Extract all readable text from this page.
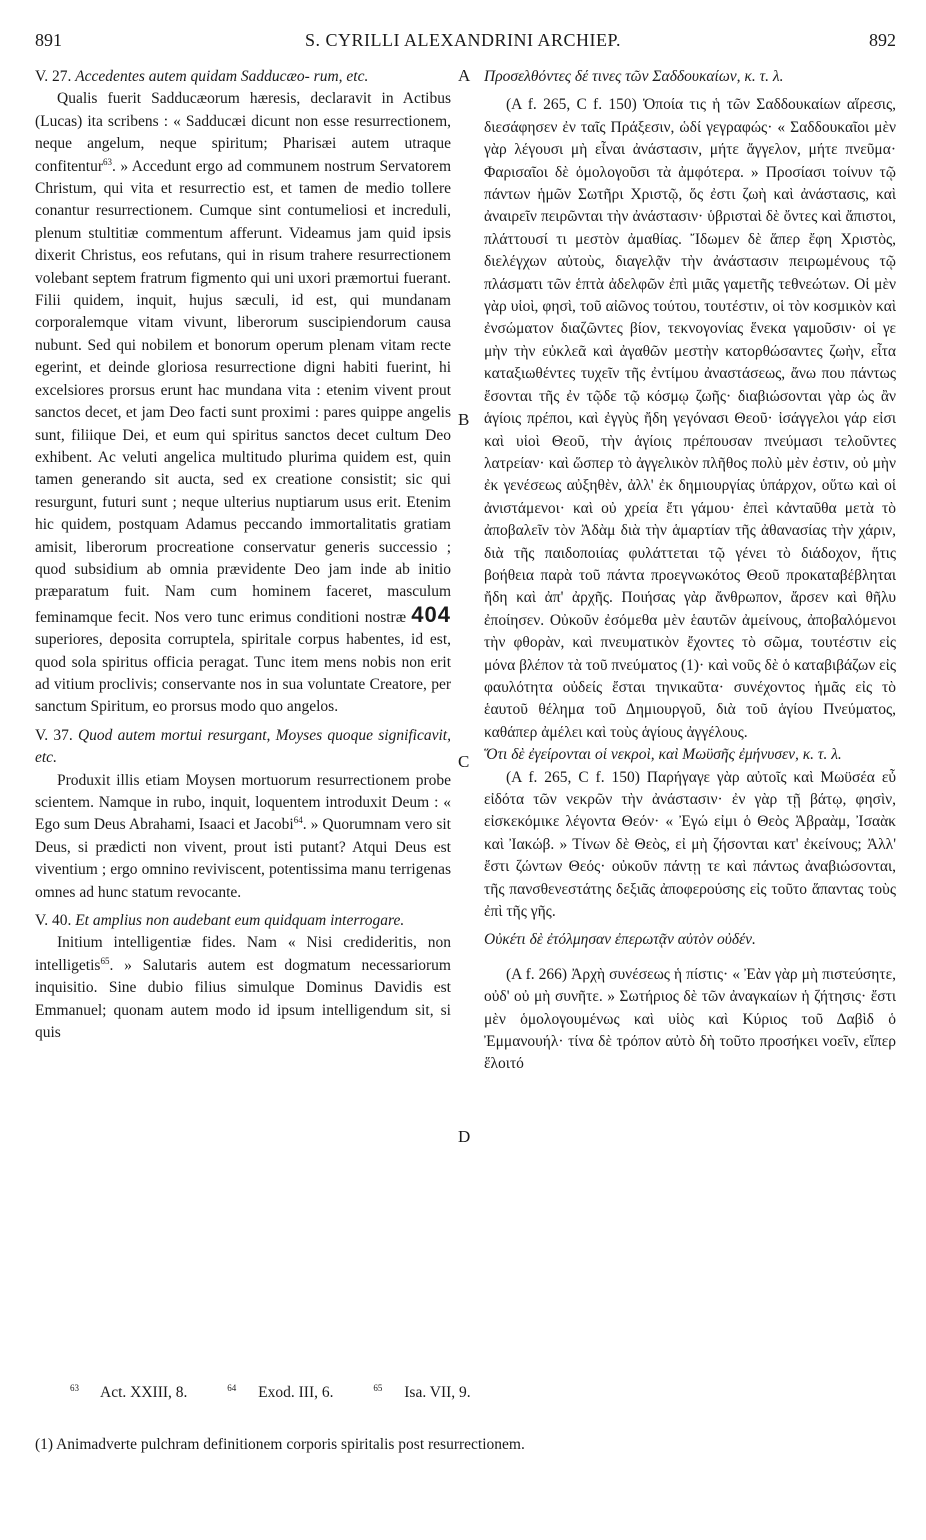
891	S. CYRILLI ALEXANDRINI ARCHIEP.	892
A
B
C
D

V. 27. Accedentes autem quidam Sadducæo- rum, etc.

Qualis fuerit Sadducæorum hæresis, declaravit in Actibus (Lucas) ita scribens : « Sadducæi dicunt non esse resurrectionem, neque angelum, neque spiritum; Pharisæi autem utraque confitentur$^{63}$. » Accedunt ergo ad communem nostrum Servatorem Christum, qui vita et resurrectio est, et tamen de medio tollere conantur resurrectionem. Cumque sint contumeliosi et increduli, plenum stultitiæ commentum afferunt. Videamus jam quid ipsis dixerit Christus, eos refutans, qui in risum trahere resurrectionem volebant septem fratrum figmento qui uni uxori præmortui fuerant. Filii quidem, inquit, hujus sæculi, id est, qui mundanam corporalemque vitam vivunt, liberorum suscipiendorum causa nubunt. Sed qui nobilem et bonorum operum plenam vitam recte egerint, et deinde gloriosa resurrectione digni habiti fuerint, hi excelsiores prorsus erunt hac mundana vita : etenim vivent prout sanctos decet, et jam Deo facti sunt proximi : pares quippe angelis sunt, filiique Dei, et eum qui spiritus sanctos decet cultum Deo exhibent. Ac veluti angelica multitudo plurima quidem est, quin tamen generando sit aucta, sed ex creatione consistit; sic qui resurgunt, futuri sunt ; neque ulterius nuptiarum usus erit. Etenim hic quidem, postquam Adamus peccando immortalitatis gratiam amisit, liberorum procreatione conservatur generis successio ; quod subsidium ab omnia prævidente Deo jam inde ab initio præparatum fuit. Nam cum hominem faceret, masculum feminamque fecit. Nos vero tunc erimus conditioni nostræ 404 superiores, deposita corruptela, spiritale corpus habentes, id est, quod sola spiritus officia peragat. Tunc item mens nobis non erit ad vitium proclivis; conservante nos in sua voluntate Creatore, per sanctum Spiritum, eo prorsus modo quo angelos.

V. 37. Quod autem mortui resurgant, Moyses quoque significavit, etc.

Produxit illis etiam Moysen mortuorum resurrectionem probe scientem. Namque in rubo, inquit, loquentem introduxit Deum : « Ego sum Deus Abrahami, Isaaci et Jacobi$^{64}$. » Quorumnam vero sit Deus, si prædicti non vivent, prout isti putant? Atqui Deus est viventium ; ergo omnino reviviscent, potentissima manu terrigenas omnes ad hunc statum revocante.

V. 40. Et amplius non audebant eum quidquam interrogare.

Initium intelligentiæ fides. Nam « Nisi credideritis, non intelligetis$^{65}$. » Salutaris autem est dogmatum necessariorum inquisitio. Sine dubio filius simulque Dominus Davidis est Emmanuel; quonam autem modo id ipsum intelligendum sit, si quis

Προσελθόντες δέ τινες τῶν Σαδδουκαίων, κ. τ. λ.

(A f. 265, C f. 150) Ὁποία τις ἡ τῶν Σαδδουκαίων αἵρεσις, διεσάφησεν ἐν ταῖς Πράξεσιν, ὡδί γεγραφώς· « Σαδδουκαῖοι μὲν γὰρ λέγουσι μὴ εἶναι ἀνάστασιν, μήτε ἄγγελον, μήτε πνεῦμα· Φαρισαῖοι δὲ ὁμολογοῦσι τὰ ἀμφότερα. » Προσίασι τοίνυν τῷ πάντων ἡμῶν Σωτῆρι Χριστῷ, ὅς ἐστι ζωὴ καὶ ἀνάστασις, καὶ ἀναιρεῖν πειρῶνται τὴν ἀνάστασιν· ὑβρισταὶ δὲ ὄντες καὶ ἄπιστοι, πλάττουσί τι μεστὸν ἀμαθίας. Ἴδωμεν δὲ ἅπερ ἔφη Χριστὸς, διελέγχων αὐτοὺς, διαγελᾷν τὴν ἀνάστασιν πειρωμένους τῷ πλάσματι τῶν ἑπτὰ ἀδελφῶν ἐπὶ μιᾶς γαμετῆς τεθνεώτων. Οἱ μὲν γὰρ υἱοὶ, φησὶ, τοῦ αἰῶνος τούτου, τουτέστιν, οἱ τὸν κοσμικὸν καὶ ἐνσώματον διαζῶντες βίον, τεκνογονίας ἕνεκα γαμοῦσιν· οἱ γε μὴν τὴν εὐκλεᾶ καὶ ἀγαθῶν μεστὴν κατορθώσαντες ζωὴν, εἶτα καταξιωθέντες τυχεῖν τῆς ἐντίμου ἀναστάσεως, ἄνω που πάντως ἔσονται τῆς ἐν τῷδε τῷ κόσμῳ ζωῆς· διαβιώσονται γὰρ ὡς ἂν ἁγίοις πρέποι, καὶ ἐγγὺς ἤδη γεγόνασι Θεοῦ· ἰσάγγελοι γάρ εἰσι καὶ υἱοὶ Θεοῦ, τὴν ἁγίοις πρέπουσαν πνεύμασι τελοῦντες λατρείαν· καὶ ὥσπερ τὸ ἀγγελικὸν πλῆθος πολὺ μὲν ἐστιν, οὐ μὴν ἐκ γενέσεως αὐξηθὲν, ἀλλ' ἐκ δημιουργίας ὑπάρχον, οὕτω καὶ οἱ ἀνιστάμενοι· καὶ οὐ χρεία ἔτι γάμου· ἐπεὶ κἀνταῦθα μετὰ τὸ ἀποβαλεῖν τὸν Ἀδὰμ διὰ τὴν ἁμαρτίαν τῆς ἀθανασίας τὴν χάριν, διὰ τῆς παιδοποιίας φυλάττεται τῷ γένει τὸ διάδοχον, ἥτις βοήθεια παρὰ τοῦ πάντα προεγνωκότος Θεοῦ προκαταβέβληται ἤδη καὶ ἀπ' ἀρχῆς. Ποιήσας γὰρ ἄνθρωπον, ἄρσεν καὶ θῆλυ ἐποίησεν. Οὐκοῦν ἐσόμεθα μὲν ἑαυτῶν ἀμείνους, ἀποβαλόμενοι τὴν φθορὰν, καὶ πνευματικὸν ἔχοντες τὸ σῶμα, τουτέστιν εἰς μόνα βλέπον τὰ τοῦ πνεύματος (1)· καὶ νοῦς δὲ ὁ καταβιβάζων εἰς φαυλότητα οὐδείς ἔσται τηνικαῦτα· συνέχοντος ἡμᾶς εἰς τὸ ἑαυτοῦ θέλημα τοῦ Δημιουργοῦ, διὰ τοῦ ἁγίου Πνεύματος, καθάπερ ἀμέλει καὶ τοὺς ἁγίους ἀγγέλους.

Ὅτι δὲ ἐγείρονται οἱ νεκροὶ, καὶ Μωϋσῆς ἐμήνυσεν, κ. τ. λ.

(A f. 265, C f. 150) Παρήγαγε γὰρ αὐτοῖς καὶ Μωϋσέα εὖ εἰδότα τῶν νεκρῶν τὴν ἀνάστασιν· ἐν γὰρ τῇ βάτῳ, φησὶν, εἰσκεκόμικε λέγοντα Θεόν· « Ἐγώ εἰμι ὁ Θεὸς Ἀβραὰμ, Ἰσαὰκ καὶ Ἰακώβ. » Τίνων δὲ Θεὸς, εἰ μὴ ζήσονται κατ' ἐκείνους; Ἀλλ' ἔστι ζώντων Θεός· οὐκοῦν πάντῃ τε καὶ πάντως ἀναβιώσονται, τῆς πανσθενεστάτης δεξιᾶς ἀποφερούσης εἰς τοῦτο ἅπαντας τοὺς ἐπὶ τῆς γῆς.

Οὐκέτι δὲ ἐτόλμησαν ἐπερωτᾷν αὐτὸν οὐδέν.

(A f. 266) Ἀρχὴ συνέσεως ἡ πίστις· « Ἐὰν γὰρ μὴ πιστεύσητε, οὐδ' οὐ μὴ συνῆτε. » Σωτήριος δὲ τῶν ἀναγκαίων ἡ ζήτησις· ἔστι μὲν ὁμολογουμένως καὶ υἱὸς καὶ Κύριος τοῦ Δαβὶδ ὁ Ἐμμανουήλ· τίνα δὲ τρόπον αὐτὸ δὴ τοῦτο προσήκει νοεῖν, εἴπερ ἕλοιτό

$^{63}$ Act. XXIII, 8.	$^{64}$ Exod. III, 6.	$^{65}$ Isa. VII, 9.
(1) Animadverte pulchram definitionem corporis spiritalis post resurrectionem.
